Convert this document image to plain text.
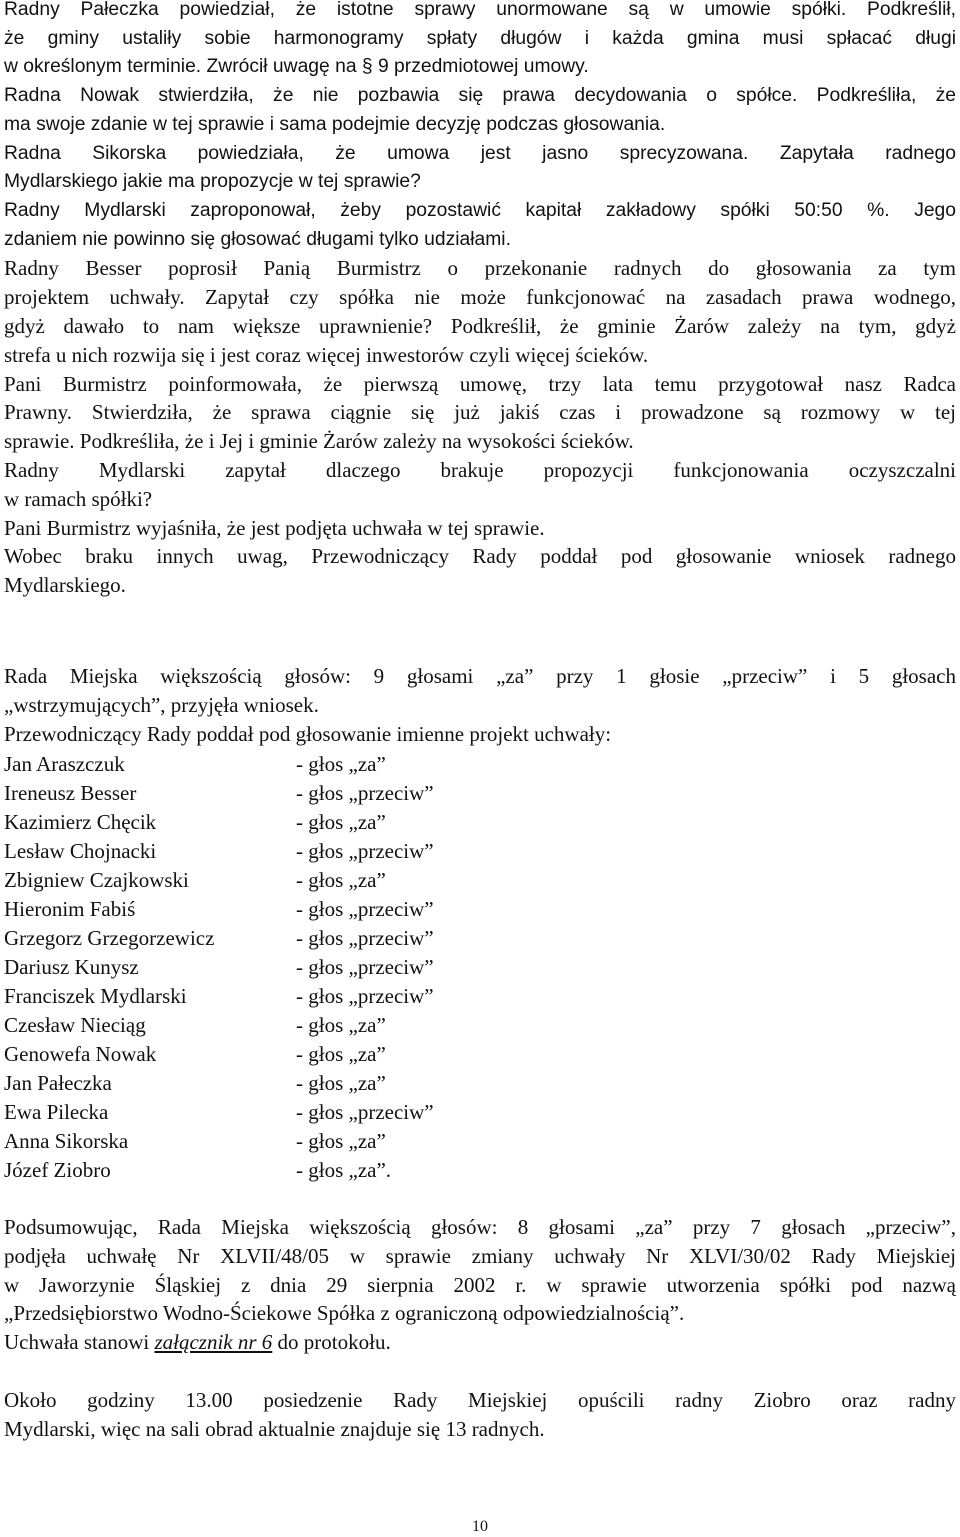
Radny Pałeczka powiedział, że istotne sprawy unormowane są w umowie spółki. Podkreślił,
że gminy ustaliły sobie harmonogramy spłaty długów i każda gmina musi spłacać długi
w określonym terminie. Zwrócił uwagę na § 9 przedmiotowej umowy.
Radna Nowak stwierdziła, że nie pozbawia się prawa decydowania o spółce. Podkreśliła, że
ma swoje zdanie w tej sprawie i sama podejmie decyzję podczas głosowania.
Radna Sikorska powiedziała, że umowa jest jasno sprecyzowana. Zapytała radnego
Mydlarskiego jakie ma propozycje w tej sprawie?
Radny Mydlarski zaproponował, żeby pozostawić kapitał zakładowy spółki 50:50 %. Jego
zdaniem nie powinno się głosować długami tylko udziałami.
Radny Besser poprosił Panią Burmistrz o przekonanie radnych do głosowania za tym
projektem uchwały. Zapytał czy spółka nie może funkcjonować na zasadach prawa wodnego,
gdyż dawało to nam większe uprawnienie? Podkreślił, że gminie Żarów zależy na tym, gdyż
strefa u nich rozwija się i jest coraz więcej inwestorów czyli więcej ścieków.
Pani Burmistrz poinformowała, że pierwszą umowę, trzy lata temu przygotował nasz Radca
Prawny. Stwierdziła, że sprawa ciągnie się już jakiś czas i prowadzone są rozmowy w tej
sprawie. Podkreśliła, że i Jej i gminie Żarów zależy na wysokości ścieków.
Radny Mydlarski zapytał dlaczego brakuje propozycji funkcjonowania oczyszczalni
w ramach spółki?
Pani Burmistrz wyjaśniła, że jest podjęta uchwała w tej sprawie.
Wobec braku innych uwag, Przewodniczący Rady poddał pod głosowanie wniosek radnego
Mydlarskiego.
Rada Miejska większością głosów: 9 głosami „za” przy 1 głosie „przeciw” i 5 głosach
„wstrzymujących”, przyjęła wniosek.
Przewodniczący Rady poddał pod głosowanie imienne projekt uchwały:
Jan Araszczuk	- głos „za”
Ireneusz Besser	- głos „przeciw”
Kazimierz Chęcik	- głos „za”
Lesław Chojnacki	- głos „przeciw”
Zbigniew Czajkowski	- głos „za”
Hieronim Fabiś	- głos „przeciw”
Grzegorz Grzegorzewicz	- głos „przeciw”
Dariusz Kunysz	- głos „przeciw”
Franciszek Mydlarski	- głos „przeciw”
Czesław Nieciąg	- głos „za”
Genowefa Nowak	- głos „za”
Jan Pałeczka	- głos „za”
Ewa Pilecka	- głos „przeciw”
Anna Sikorska	- głos „za”
Józef Ziobro	- głos „za”.
Podsumowując, Rada Miejska większością głosów: 8 głosami „za” przy 7 głosach „przeciw”,
podjęła uchwałę Nr XLVII/48/05 w sprawie zmiany uchwały Nr XLVI/30/02 Rady Miejskiej
w Jaworzynie Śląskiej z dnia 29 sierpnia 2002 r. w sprawie utworzenia spółki pod nazwą
„Przedsiębiorstwo Wodno-Ściekowe Spółka z ograniczoną odpowiedzialnością”.
Uchwała stanowi załącznik nr 6 do protokołu.
Około godziny 13.00 posiedzenie Rady Miejskiej opuścili radny Ziobro oraz radny
Mydlarski, więc na sali obrad aktualnie znajduje się 13 radnych.
10
